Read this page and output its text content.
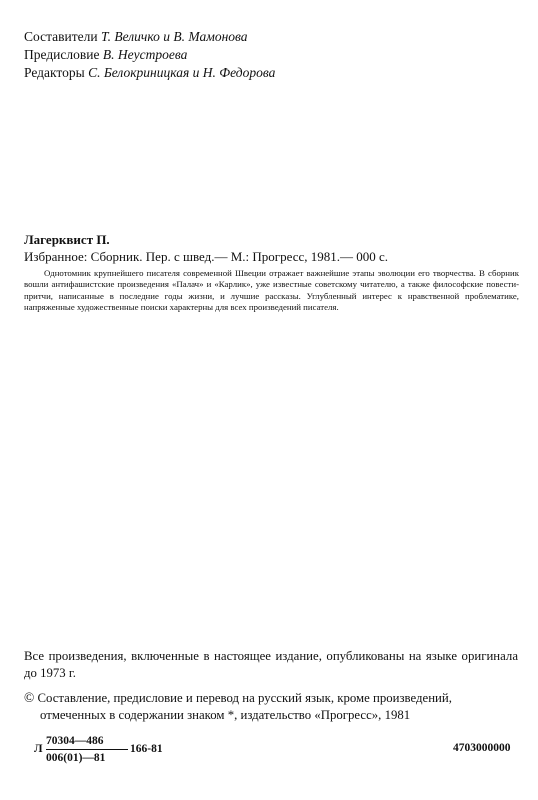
Составители Т. Величко и В. Мамонова
Предисловие В. Неустроева
Редакторы С. Белокриницкая и Н. Федорова
Лагерквист П.
Избранное: Сборник. Пер. с швед.— М.: Прогресс, 1981.— 000 с.
Однотомник крупнейшего писателя современной Швеции отражает важнейшие этапы эволюции его творчества. В сборник вошли антифашистские произведения «Палач» и «Карлик», уже известные советскому читателю, а также философские повести-притчи, написанные в последние годы жизни, и лучшие рассказы. Углубленный интерес к нравственной проблематике, напряженные художественные поиски характерны для всех произведений писателя.
Все произведения, включенные в настоящее издание, опубликованы на языке оригинала до 1973 г.
© Составление, предисловие и перевод на русский язык, кроме произведений,
отмеченных в содержании знаком *, издательство «Прогресс», 1981
Л
70304—486
006(01)—81
166-81	4703000000
